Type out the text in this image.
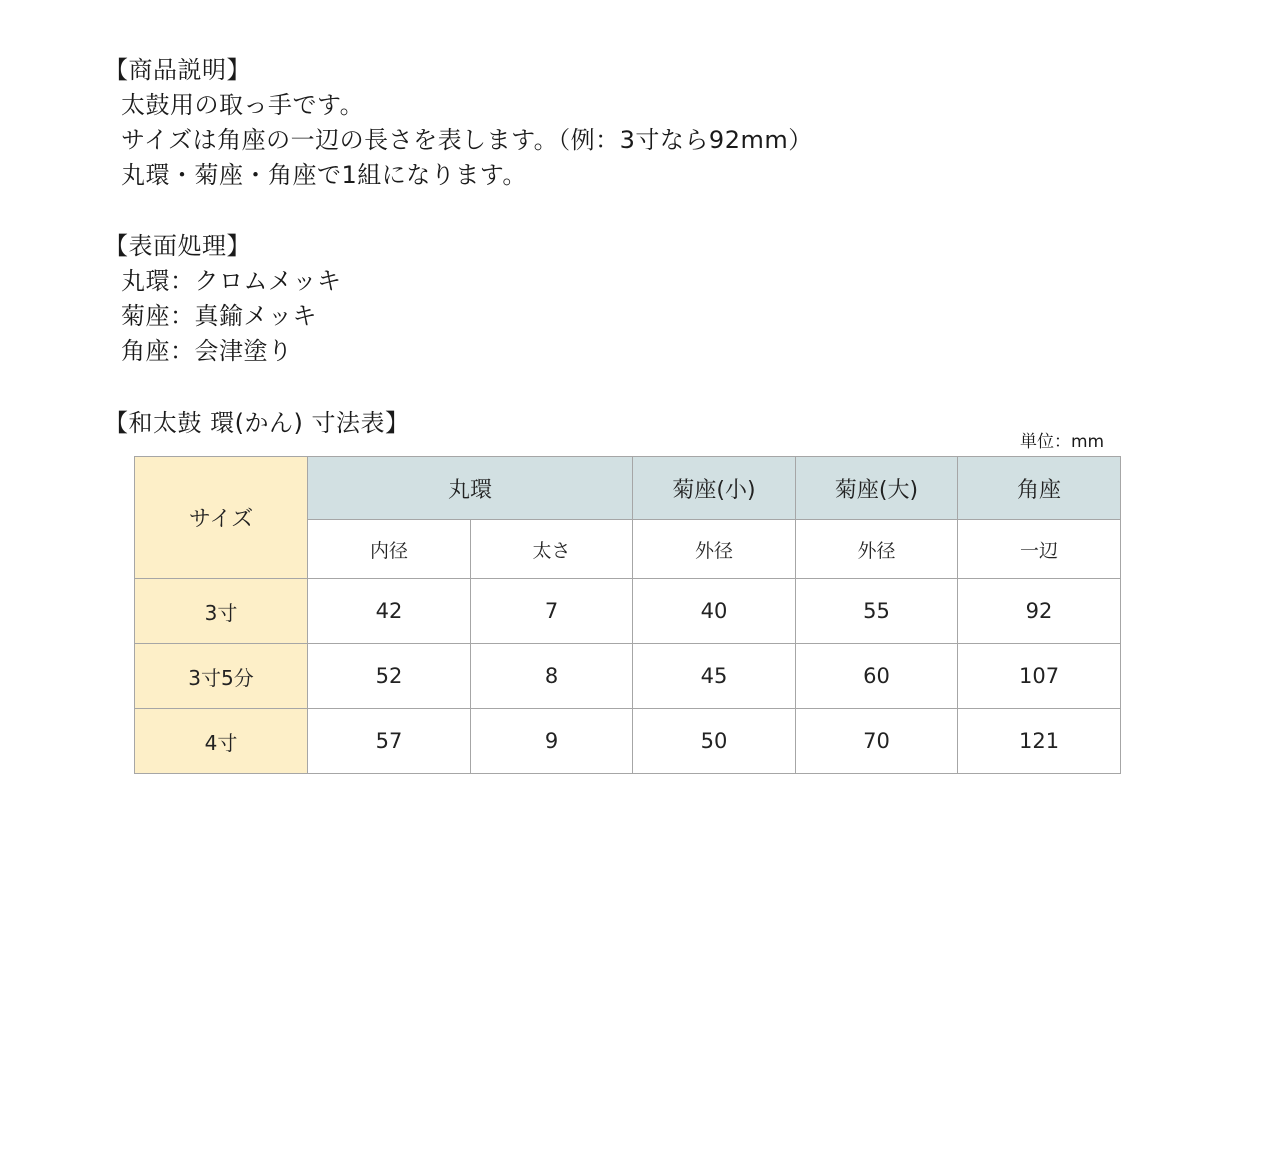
【商品説明】
太鼓用の取っ手です。
サイズは角座の一辺の長さを表します。（例：3寸なら92mm）
丸環・菊座・角座で1組になります。
【表面処理】
丸環：クロムメッキ
菊座：真鍮メッキ
角座：会津塗り
【和太鼓 環(かん) 寸法表】
単位：mm
サイズ	丸環		菊座(小)	菊座(大)	角座
	内径	太さ	外径	外径	一辺
3寸	42	7	40	55	92
3寸5分	52	8	45	60	107
4寸	57	9	50	70	121
